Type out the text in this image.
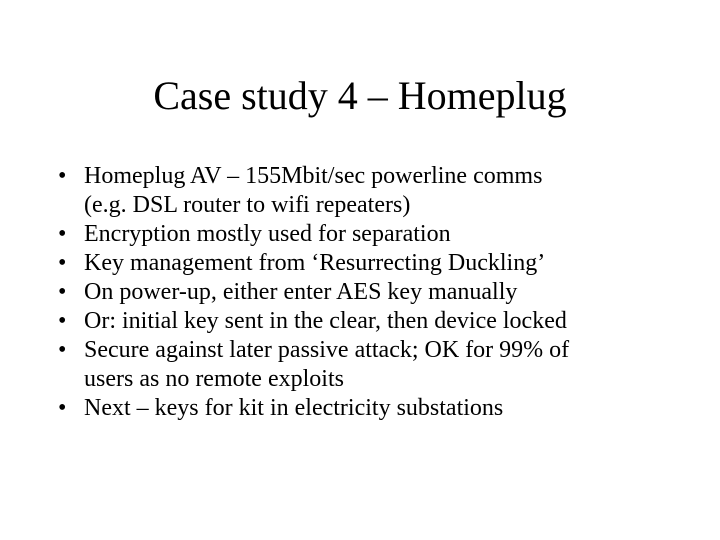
Case study 4 – Homeplug
• Homeplug AV – 155Mbit/sec powerline comms
(e.g. DSL router to wifi repeaters)
• Encryption mostly used for separation
• Key management from ‘Resurrecting Duckling’
• On power-up, either enter AES key manually
• Or: initial key sent in the clear, then device locked
• Secure against later passive attack; OK for 99% of
users as no remote exploits
• Next – keys for kit in electricity substations
